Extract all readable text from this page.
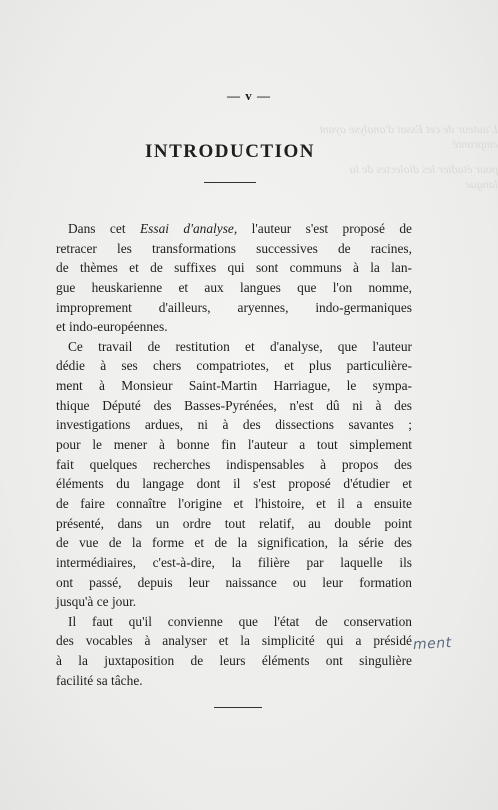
L'auteur de cet Essai d'analyse ayant emprunté
pour étudier les dialectes de la langue
— v —
INTRODUCTION
Dans cet Essai d'analyse, l'auteur s'est proposé de
retracer les transformations successives de racines,
de thèmes et de suffixes qui sont communs à la lan-
gue heuskarienne et aux langues que l'on nomme,
improprement d'ailleurs, aryennes, indo-germaniques
et indo-européennes.
Ce travail de restitution et d'analyse, que l'auteur
dédie à ses chers compatriotes, et plus particulière-
ment à Monsieur Saint-Martin Harriague, le sympa-
thique Député des Basses-Pyrénées, n'est dû ni à des
investigations ardues, ni à des dissections savantes ;
pour le mener à bonne fin l'auteur a tout simplement
fait quelques recherches indispensables à propos des
éléments du langage dont il s'est proposé d'étudier et
de faire connaître l'origine et l'histoire, et il a ensuite
présenté, dans un ordre tout relatif, au double point
de vue de la forme et de la signification, la série des
intermédiaires, c'est-à-dire, la filière par laquelle ils
ont passé, depuis leur naissance ou leur formation
jusqu'à ce jour.
Il faut qu'il convienne que l'état de conservation
des vocables à analyser et la simplicité qui a présidé
à la juxtaposition de leurs éléments ont singulière
facilité sa tâche.
ment
